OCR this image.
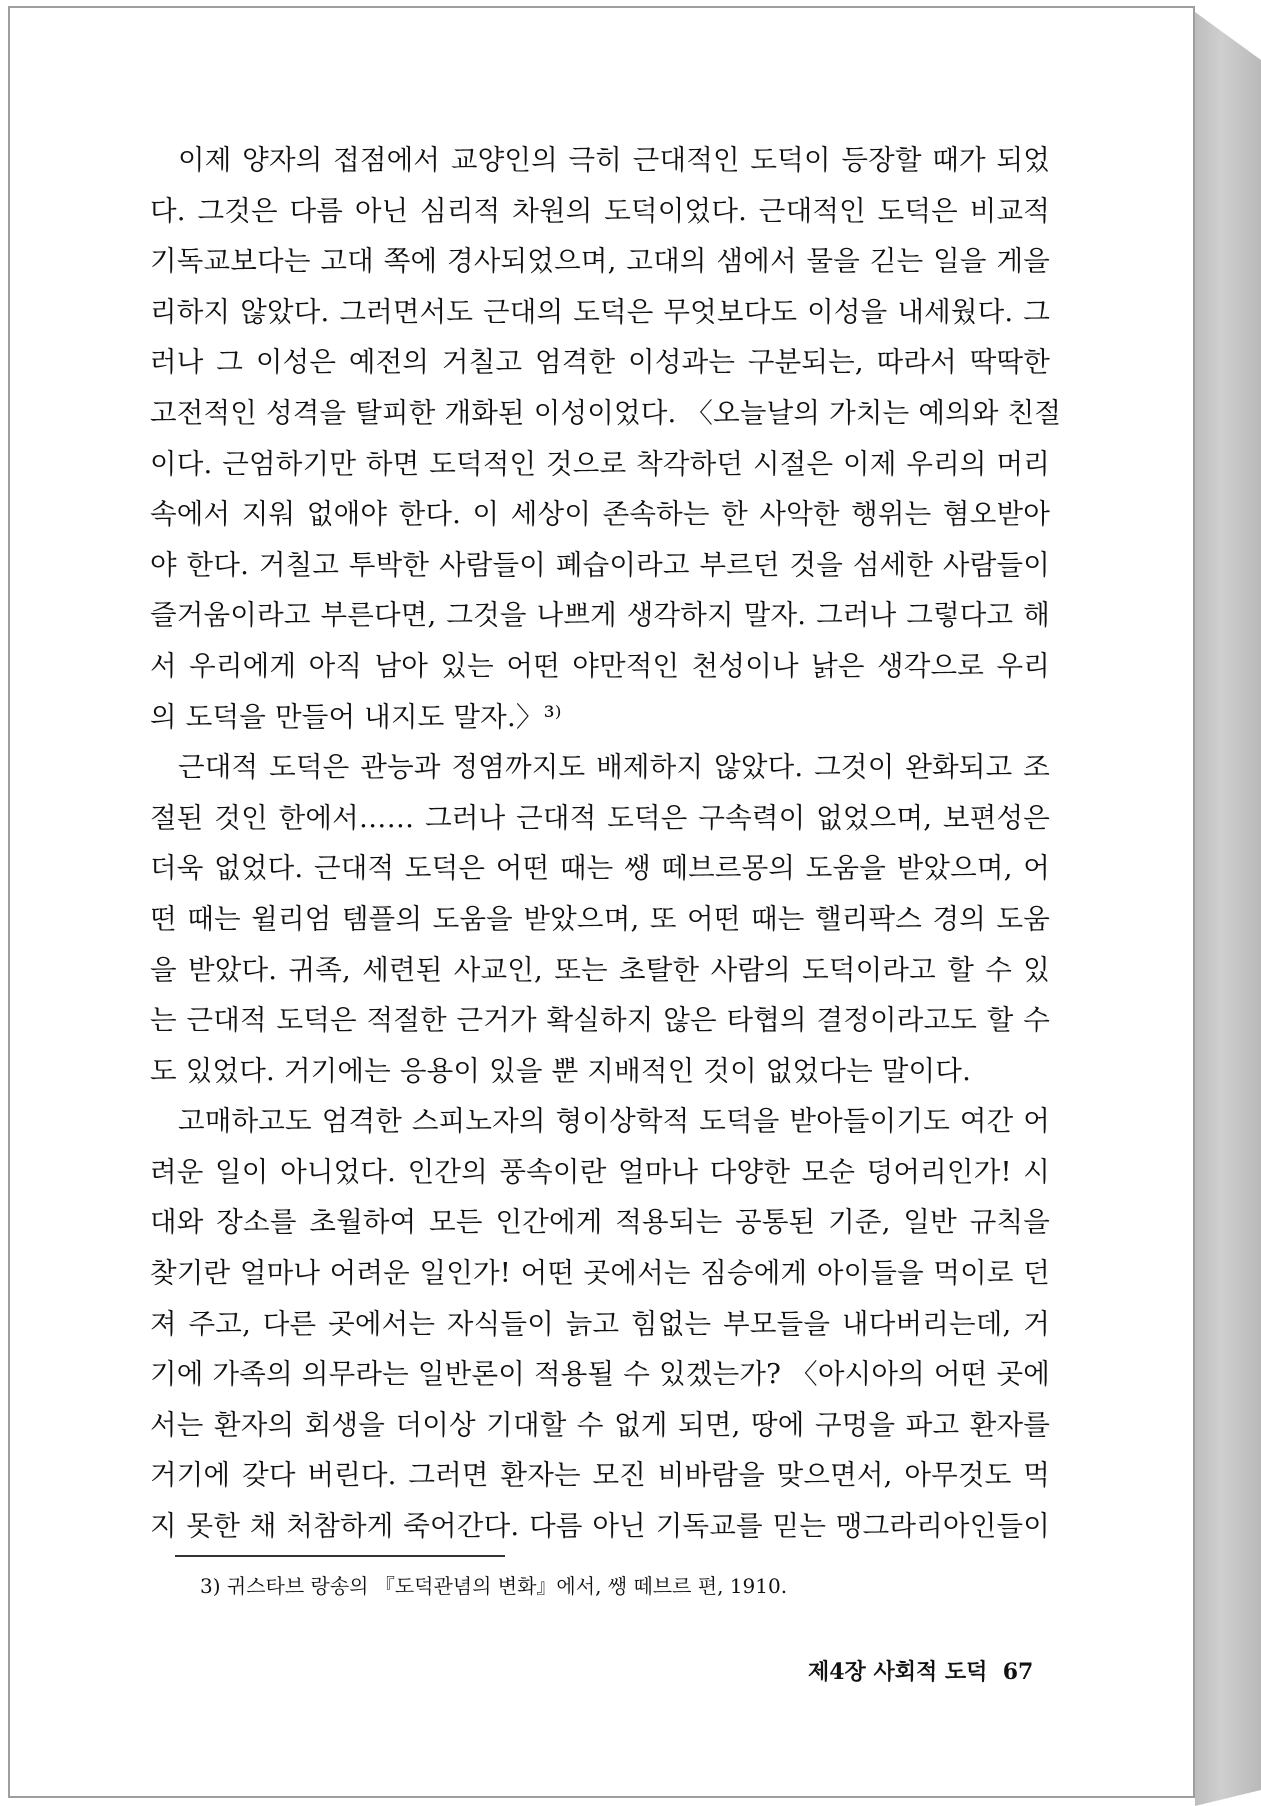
이제 양자의 접점에서 교양인의 극히 근대적인 도덕이 등장할 때가 되었
다. 그것은 다름 아닌 심리적 차원의 도덕이었다. 근대적인 도덕은 비교적
기독교보다는 고대 쪽에 경사되었으며, 고대의 샘에서 물을 긷는 일을 게을
리하지 않았다. 그러면서도 근대의 도덕은 무엇보다도 이성을 내세웠다. 그
러나 그 이성은 예전의 거칠고 엄격한 이성과는 구분되는, 따라서 딱딱한
고전적인 성격을 탈피한 개화된 이성이었다. 〈오늘날의 가치는 예의와 친절
이다. 근엄하기만 하면 도덕적인 것으로 착각하던 시절은 이제 우리의 머리
속에서 지워 없애야 한다. 이 세상이 존속하는 한 사악한 행위는 혐오받아
야 한다. 거칠고 투박한 사람들이 폐습이라고 부르던 것을 섬세한 사람들이
즐거움이라고 부른다면, 그것을 나쁘게 생각하지 말자. 그러나 그렇다고 해
서 우리에게 아직 남아 있는 어떤 야만적인 천성이나 낡은 생각으로 우리
의 도덕을 만들어 내지도 말자.〉³⁾
근대적 도덕은 관능과 정염까지도 배제하지 않았다. 그것이 완화되고 조
절된 것인 한에서…… 그러나 근대적 도덕은 구속력이 없었으며, 보편성은
더욱 없었다. 근대적 도덕은 어떤 때는 쌩 떼브르몽의 도움을 받았으며, 어
떤 때는 윌리엄 템플의 도움을 받았으며, 또 어떤 때는 핼리팍스 경의 도움
을 받았다. 귀족, 세련된 사교인, 또는 초탈한 사람의 도덕이라고 할 수 있
는 근대적 도덕은 적절한 근거가 확실하지 않은 타협의 결정이라고도 할 수
도 있었다. 거기에는 응용이 있을 뿐 지배적인 것이 없었다는 말이다.
고매하고도 엄격한 스피노자의 형이상학적 도덕을 받아들이기도 여간 어
려운 일이 아니었다. 인간의 풍속이란 얼마나 다양한 모순 덩어리인가! 시
대와 장소를 초월하여 모든 인간에게 적용되는 공통된 기준, 일반 규칙을
찾기란 얼마나 어려운 일인가! 어떤 곳에서는 짐승에게 아이들을 먹이로 던
져 주고, 다른 곳에서는 자식들이 늙고 힘없는 부모들을 내다버리는데, 거
기에 가족의 의무라는 일반론이 적용될 수 있겠는가? 〈아시아의 어떤 곳에
서는 환자의 회생을 더이상 기대할 수 없게 되면, 땅에 구멍을 파고 환자를
거기에 갖다 버린다. 그러면 환자는 모진 비바람을 맞으면서, 아무것도 먹
지 못한 채 처참하게 죽어간다. 다름 아닌 기독교를 믿는 맹그라리아인들이
3) 귀스타브 랑송의 『도덕관념의 변화』에서, 쌩 떼브르 편, 1910.
제4장 사회적 도덕 67
